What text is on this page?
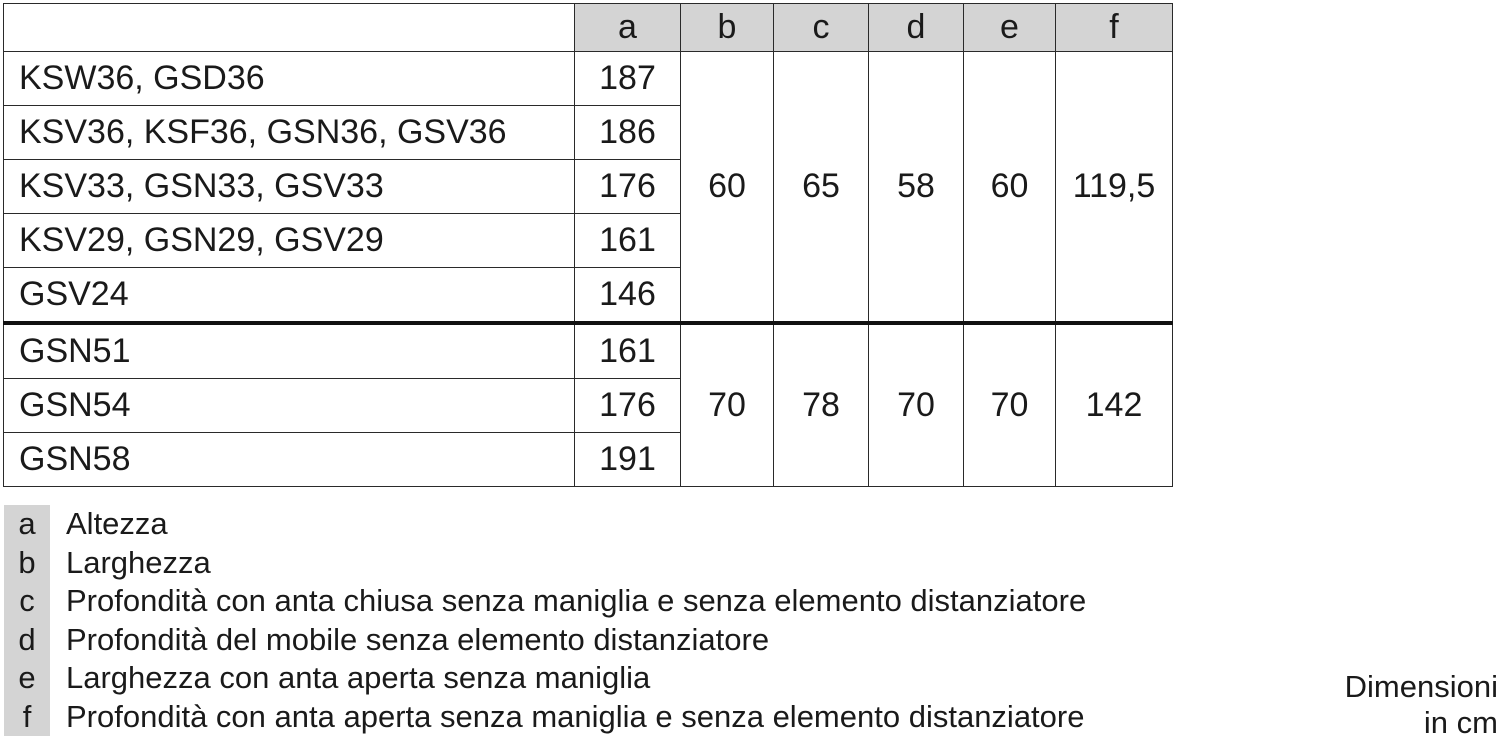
	a	b	c	d	e	f
KSW36, GSD36	187	60	65	58	60	119,5
KSV36, KSF36, GSN36, GSV36	186					
KSV33, GSN33, GSV33	176					
KSV29, GSN29, GSV29	161					
GSV24	146					
GSN51	161	70	78	70	70	142
GSN54	176					
GSN58	191					
a Altezza
b Larghezza
c	Profondità con anta chiusa senza maniglia e senza elemento distanziatore
d Profondità del mobile senza elemento distanziatore
e Larghezza con anta aperta senza maniglia
f	Profondità con anta aperta senza maniglia e senza elemento distanziatore
Dimensioni
in cm
